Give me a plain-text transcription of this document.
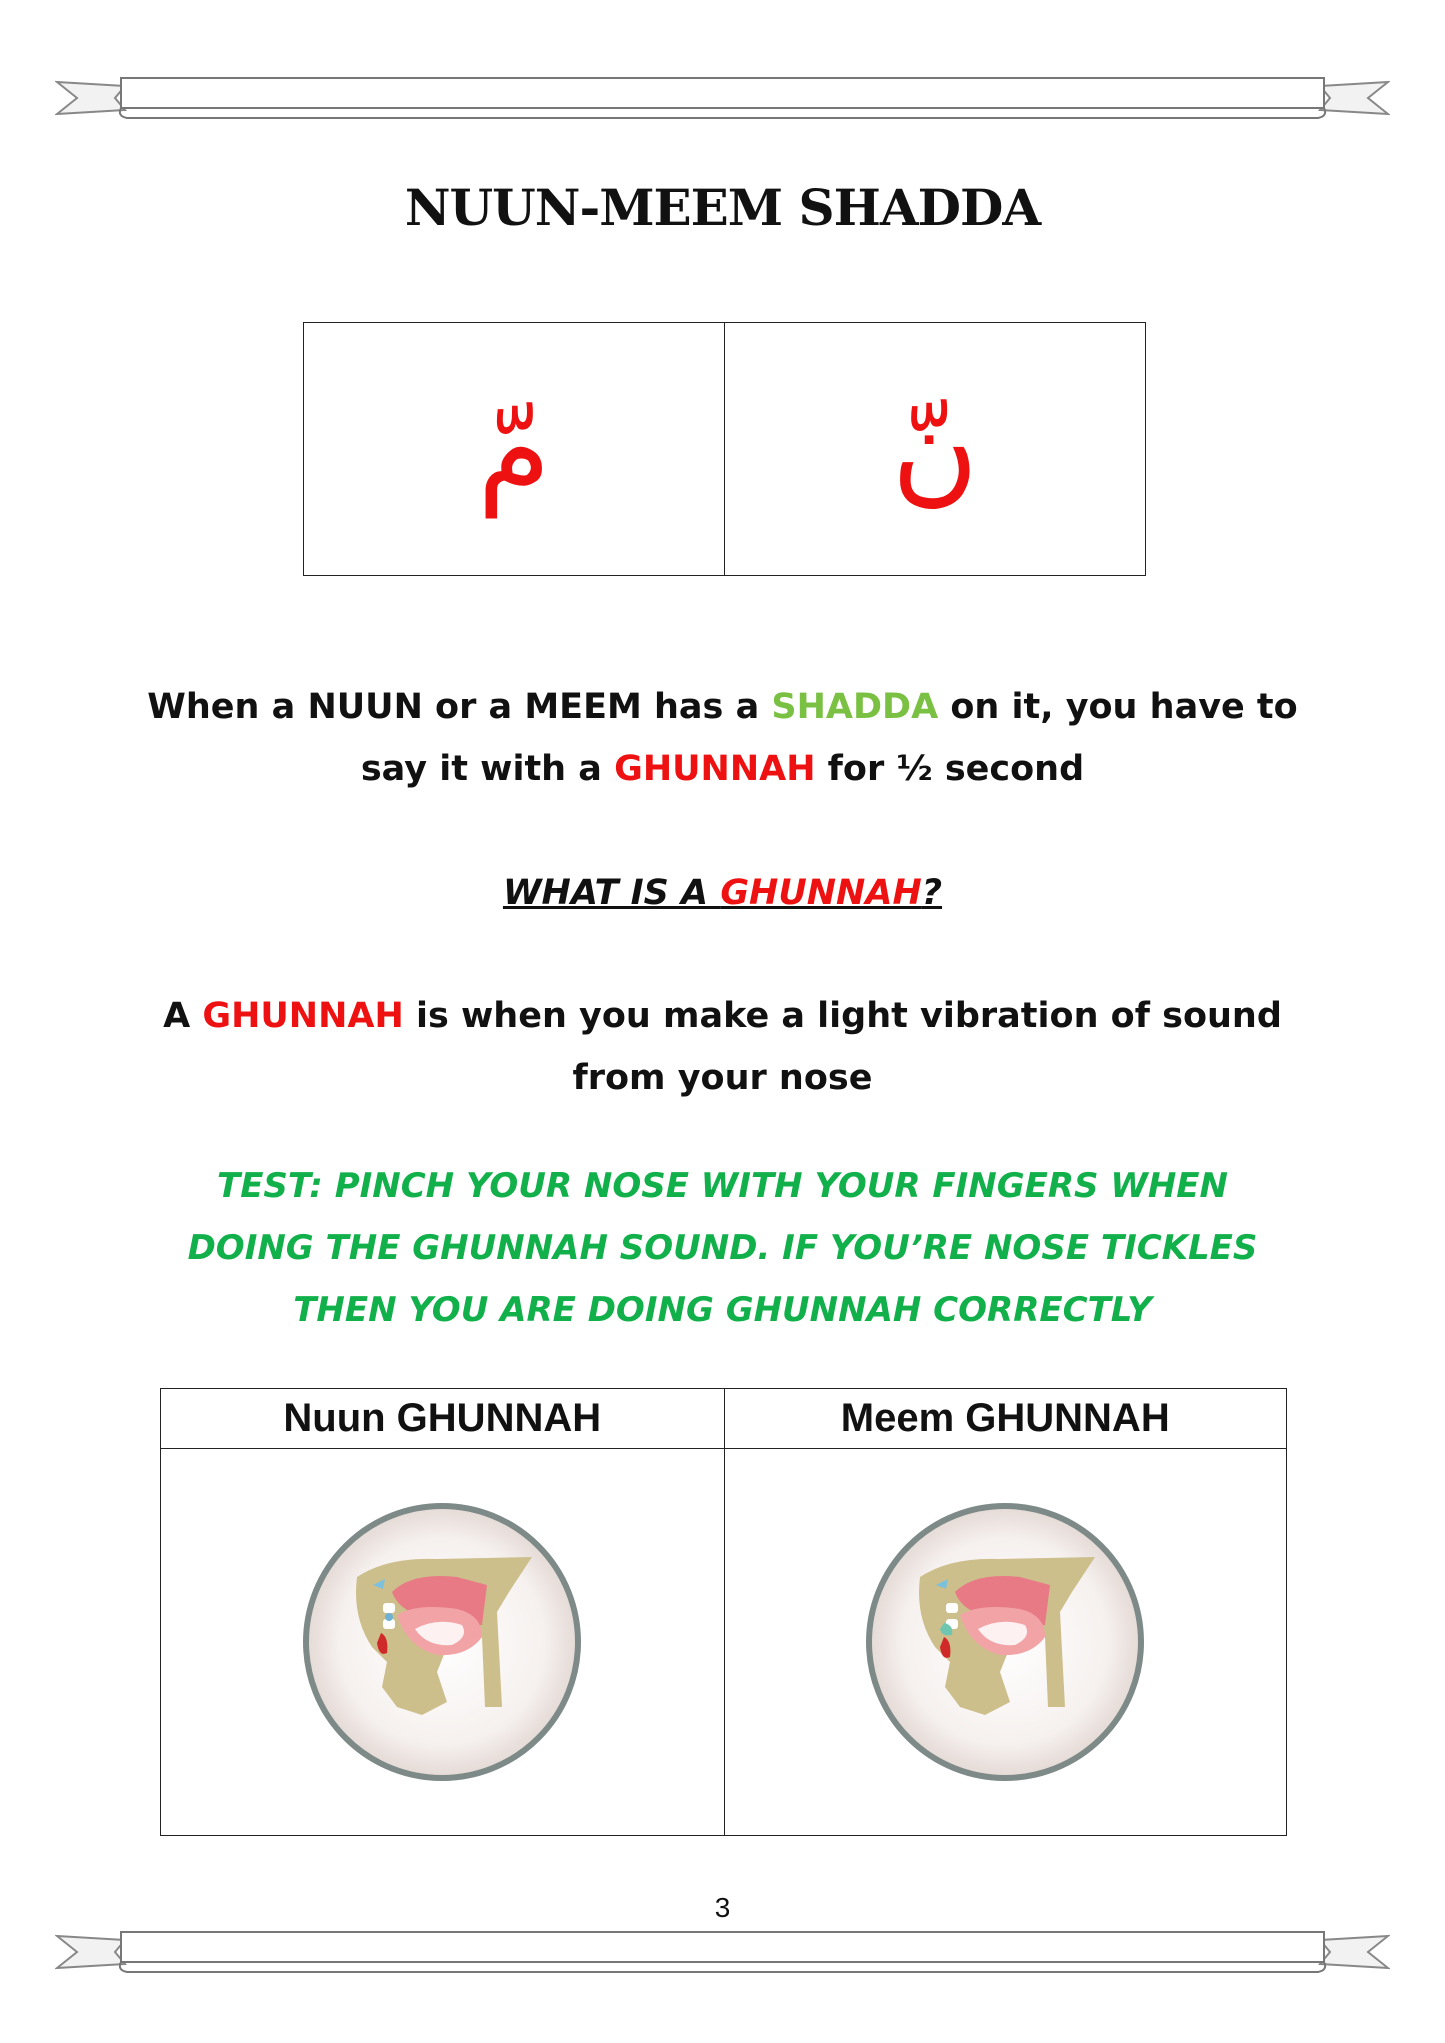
NUUN-MEEM SHADDA
مّ	نّ
When a NUUN or a MEEM has a SHADDA on it, you have to
say it with a GHUNNAH for ½ second
WHAT IS A GHUNNAH?
A GHUNNAH is when you make a light vibration of sound
from your nose
TEST: PINCH YOUR NOSE WITH YOUR FINGERS WHEN
DOING THE GHUNNAH SOUND. IF YOU’RE NOSE TICKLES
THEN YOU ARE DOING GHUNNAH CORRECTLY
Nuun GHUNNAH	Meem GHUNNAH
3
